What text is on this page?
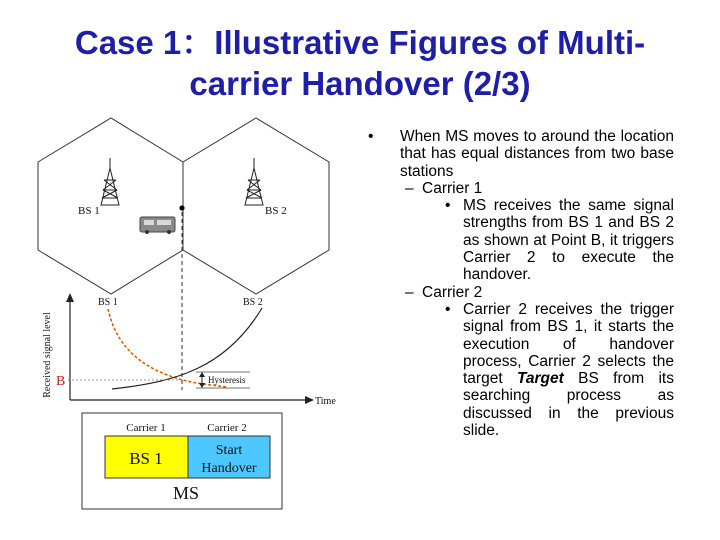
Case 1：Illustrative Figures of Multi-
carrier Handover (2/3)
BS 1	BS 2
Received signal level
Time
BS 1	BS 2
B	Hysteresis
Carrier 1	Carrier 2
BS 1	Start
Handover
MS
• When MS moves to around the location that has equal distances from two base stations
– Carrier 1
• MS receives the same signal strengths from BS 1 and BS 2 as shown at Point B, it triggers Carrier 2 to execute the handover.
– Carrier 2
• Carrier 2 receives the trigger signal from BS 1, it starts the execution of handover process, Carrier 2 selects the target Target BS from its searching process as discussed in the previous slide.
